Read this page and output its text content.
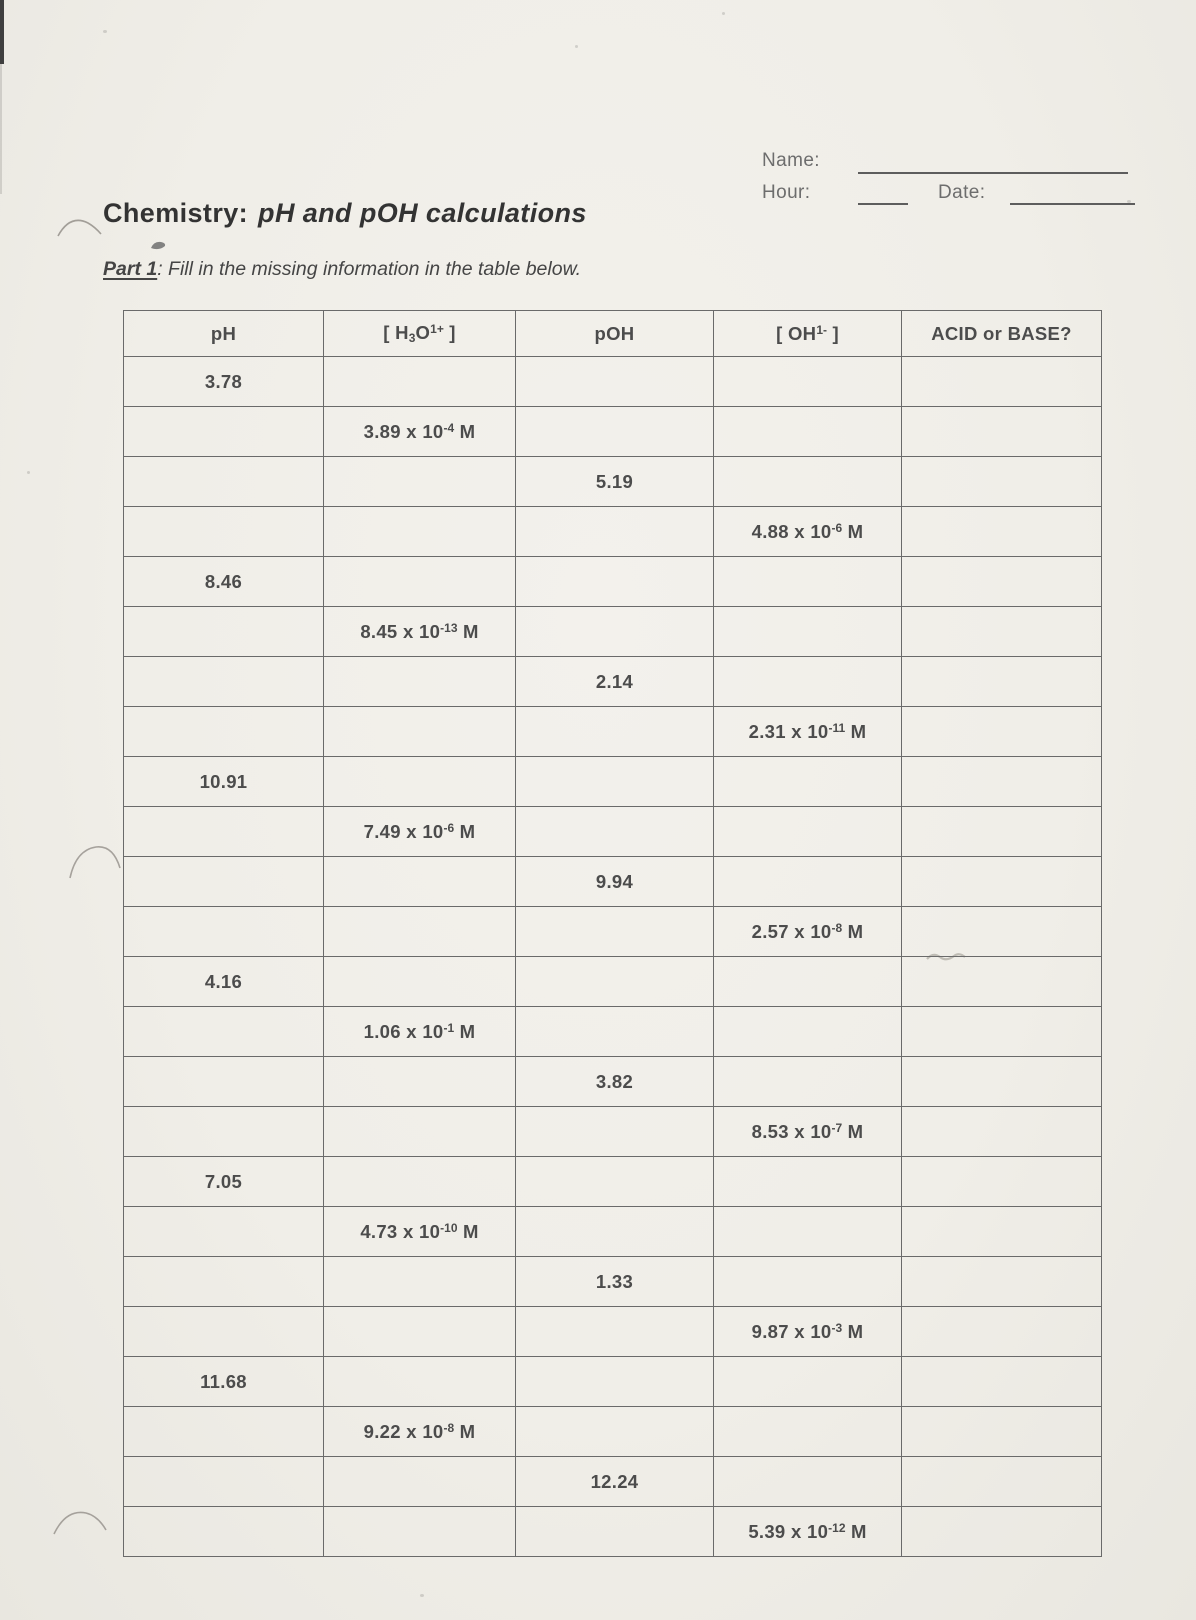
Name:
Hour:	Date:
Chemistry: pH and pOH calculations

Part 1: Fill in the missing information in the table below.

pH	[ $H_3O^{1+}$ ]	pOH	[ $OH^{1-}$ ]	ACID or BASE?
3.78				
	3.89 x $10^{-4}$ M			
		5.19		
			4.88 x $10^{-6}$ M	
8.46				
	8.45 x $10^{-13}$ M			
		2.14		
			2.31 x $10^{-11}$ M	
10.91				
	7.49 x $10^{-6}$ M			
		9.94		
			2.57 x $10^{-8}$ M	
4.16				
	1.06 x $10^{-1}$ M			
		3.82		
			8.53 x $10^{-7}$ M	
7.05				
	4.73 x $10^{-10}$ M			
		1.33		
			9.87 x $10^{-3}$ M	
11.68				
	9.22 x $10^{-8}$ M			
		12.24		
			5.39 x $10^{-12}$ M	
